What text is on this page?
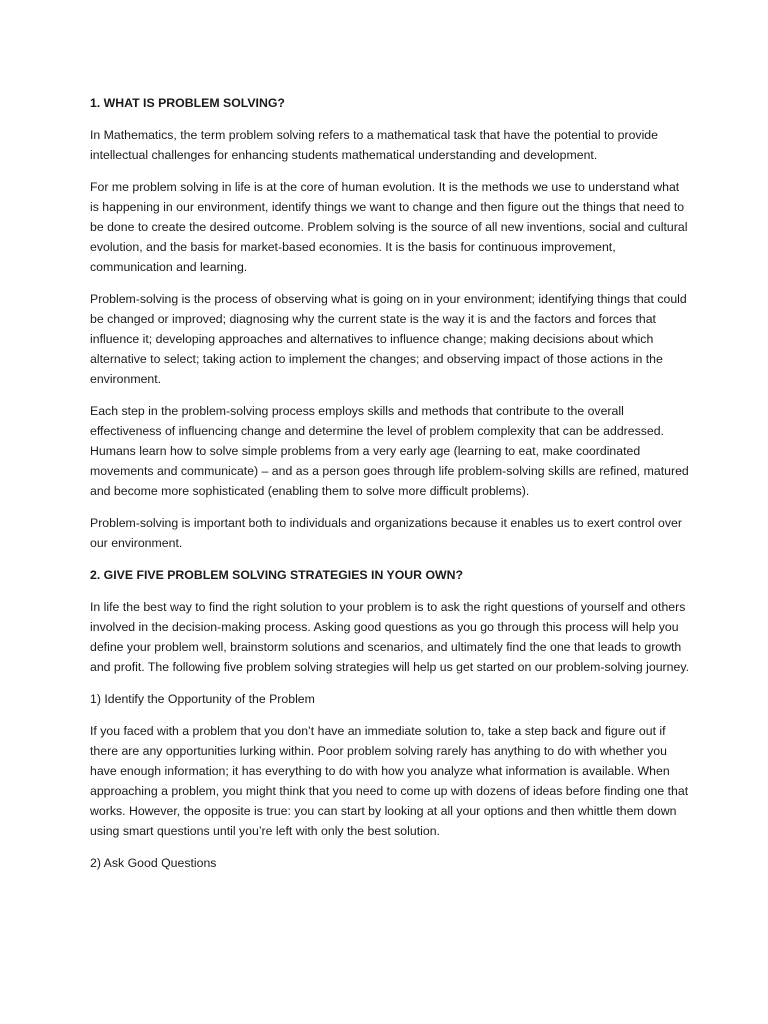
1. WHAT IS PROBLEM SOLVING?
In Mathematics, the term problem solving refers to a mathematical task that have the potential to provide intellectual challenges for enhancing students mathematical understanding and development.
For me problem solving in life is at the core of human evolution. It is the methods we use to understand what is happening in our environment, identify things we want to change and then figure out the things that need to be done to create the desired outcome. Problem solving is the source of all new inventions, social and cultural evolution, and the basis for market-based economies. It is the basis for continuous improvement, communication and learning.
Problem-solving is the process of observing what is going on in your environment; identifying things that could be changed or improved; diagnosing why the current state is the way it is and the factors and forces that influence it; developing approaches and alternatives to influence change; making decisions about which alternative to select; taking action to implement the changes; and observing impact of those actions in the environment.
Each step in the problem-solving process employs skills and methods that contribute to the overall effectiveness of influencing change and determine the level of problem complexity that can be addressed. Humans learn how to solve simple problems from a very early age (learning to eat, make coordinated movements and communicate) – and as a person goes through life problem-solving skills are refined, matured and become more sophisticated (enabling them to solve more difficult problems).
Problem-solving is important both to individuals and organizations because it enables us to exert control over our environment.
2. GIVE FIVE PROBLEM SOLVING STRATEGIES IN YOUR OWN?
In life the best way to find the right solution to your problem is to ask the right questions of yourself and others involved in the decision-making process. Asking good questions as you go through this process will help you define your problem well, brainstorm solutions and scenarios, and ultimately find the one that leads to growth and profit. The following five problem solving strategies will help us get started on our problem-solving journey.
1) Identify the Opportunity of the Problem
If you faced with a problem that you don’t have an immediate solution to, take a step back and figure out if there are any opportunities lurking within. Poor problem solving rarely has anything to do with whether you have enough information; it has everything to do with how you analyze what information is available. When approaching a problem, you might think that you need to come up with dozens of ideas before finding one that works. However, the opposite is true: you can start by looking at all your options and then whittle them down using smart questions until you’re left with only the best solution.
2) Ask Good Questions
